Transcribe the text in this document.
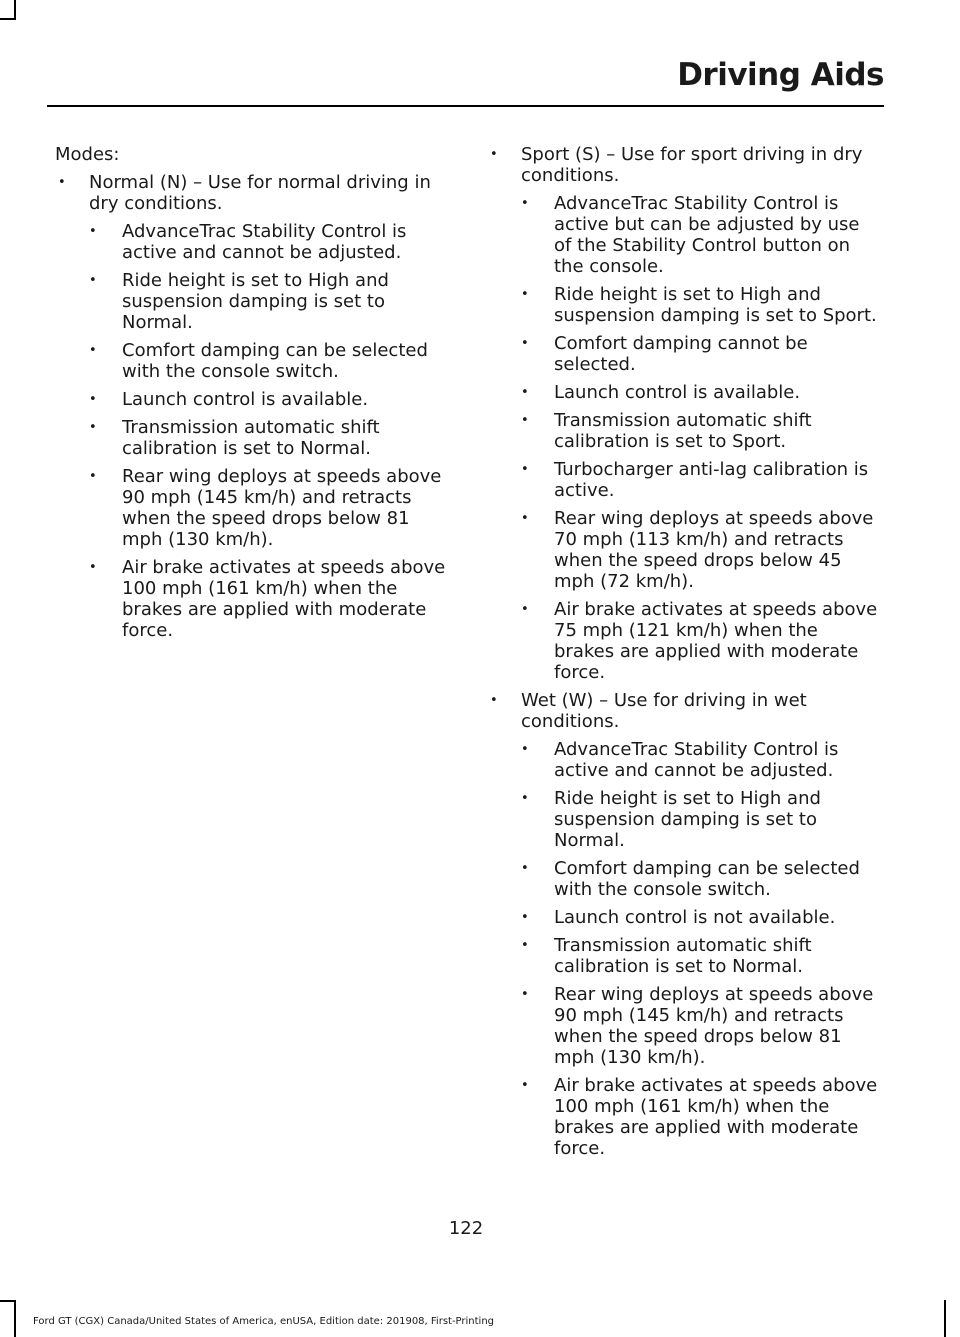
Driving Aids

Modes:

• Normal (N) – Use for normal driving in dry conditions.
• AdvanceTrac Stability Control is active and cannot be adjusted.
• Ride height is set to High and suspension damping is set to Normal.
• Comfort damping can be selected with the console switch.
• Launch control is available.
• Transmission automatic shift calibration is set to Normal.
• Rear wing deploys at speeds above 90 mph (145 km/h) and retracts when the speed drops below 81 mph (130 km/h).
• Air brake activates at speeds above 100 mph (161 km/h) when the brakes are applied with moderate force.
• Sport (S) – Use for sport driving in dry conditions.
• AdvanceTrac Stability Control is active but can be adjusted by use of the Stability Control button on the console.
• Ride height is set to High and suspension damping is set to Sport.
• Comfort damping cannot be selected.
• Launch control is available.
• Transmission automatic shift calibration is set to Sport.
• Turbocharger anti-lag calibration is active.
• Rear wing deploys at speeds above 70 mph (113 km/h) and retracts when the speed drops below 45 mph (72 km/h).
• Air brake activates at speeds above 75 mph (121 km/h) when the brakes are applied with moderate force.
• Wet (W) – Use for driving in wet conditions.
• AdvanceTrac Stability Control is active and cannot be adjusted.
• Ride height is set to High and suspension damping is set to Normal.
• Comfort damping can be selected with the console switch.
• Launch control is not available.
• Transmission automatic shift calibration is set to Normal.
• Rear wing deploys at speeds above 90 mph (145 km/h) and retracts when the speed drops below 81 mph (130 km/h).
• Air brake activates at speeds above 100 mph (161 km/h) when the brakes are applied with moderate force.

122

Ford GT (CGX) Canada/United States of America, enUSA, Edition date: 201908, First-Printing
